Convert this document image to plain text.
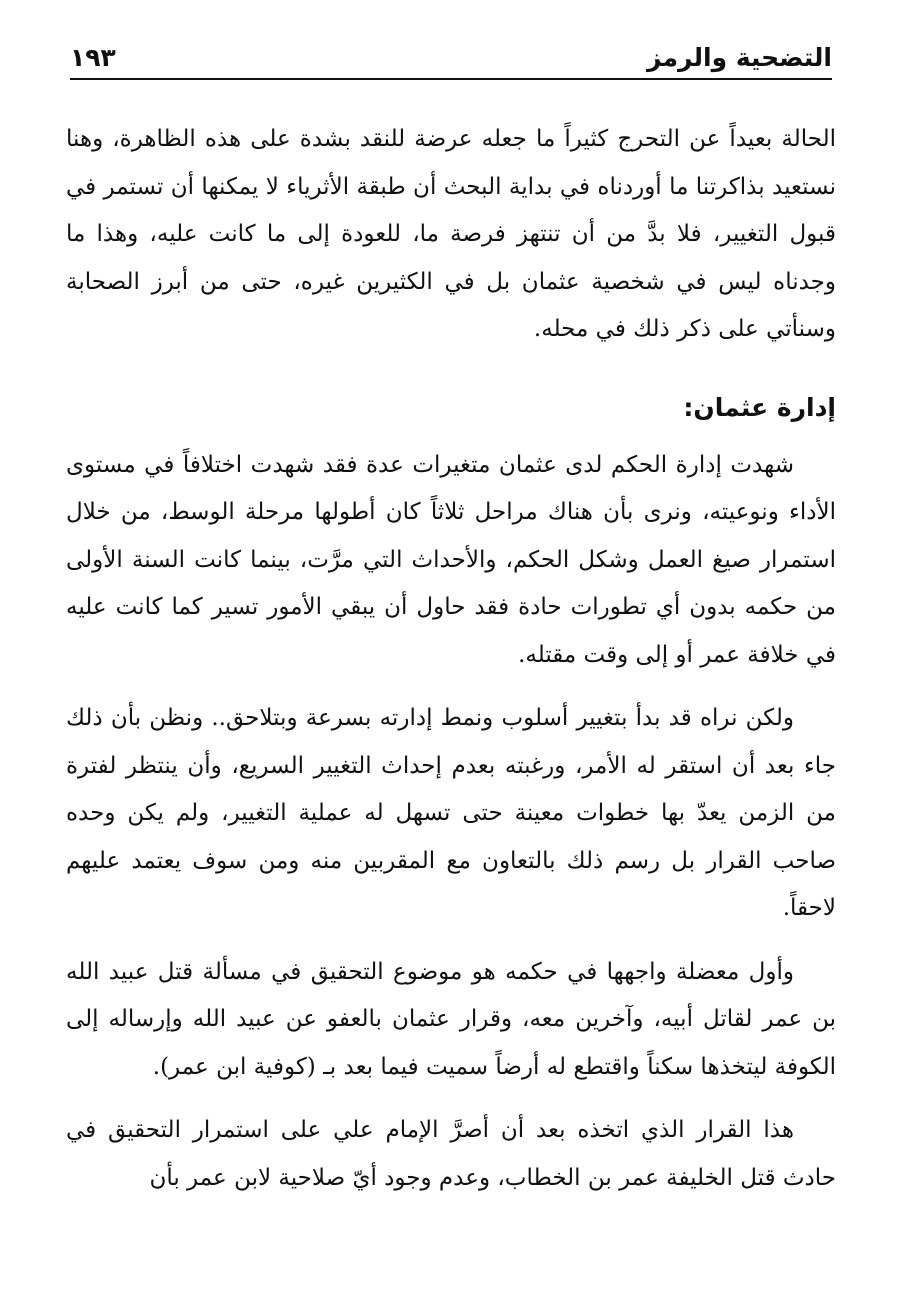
التضحية والرمز
١٩٣

الحالة بعيداً عن التحرج كثيراً ما جعله عرضة للنقد بشدة على هذه الظاهرة، وهنا نستعيد بذاكرتنا ما أوردناه في بداية البحث أن طبقة الأثرياء لا يمكنها أن تستمر في قبول التغيير، فلا بدَّ من أن تنتهز فرصة ما، للعودة إلى ما كانت عليه، وهذا ما وجدناه ليس في شخصية عثمان بل في الكثيرين غيره، حتى من أبرز الصحابة وسنأتي على ذكر ذلك في محله.

إدارة عثمان:

شهدت إدارة الحكم لدى عثمان متغيرات عدة فقد شهدت اختلافاً في مستوى الأداء ونوعيته، ونرى بأن هناك مراحل ثلاثاً كان أطولها مرحلة الوسط، من خلال استمرار صيغ العمل وشكل الحكم، والأحداث التي مرَّت، بينما كانت السنة الأولى من حكمه بدون أي تطورات حادة فقد حاول أن يبقي الأمور تسير كما كانت عليه في خلافة عمر أو إلى وقت مقتله.

ولكن نراه قد بدأ بتغيير أسلوب ونمط إدارته بسرعة وبتلاحق.. ونظن بأن ذلك جاء بعد أن استقر له الأمر، ورغبته بعدم إحداث التغيير السريع، وأن ينتظر لفترة من الزمن يعدّ بها خطوات معينة حتى تسهل له عملية التغيير، ولم يكن وحده صاحب القرار بل رسم ذلك بالتعاون مع المقربين منه ومن سوف يعتمد عليهم لاحقاً.

وأول معضلة واجهها في حكمه هو موضوع التحقيق في مسألة قتل عبيد الله بن عمر لقاتل أبيه، وآخرين معه، وقرار عثمان بالعفو عن عبيد الله وإرساله إلى الكوفة ليتخذها سكناً واقتطع له أرضاً سميت فيما بعد بـ (كوفية ابن عمر).

هذا القرار الذي اتخذه بعد أن أصرَّ الإمام علي على استمرار التحقيق في حادث قتل الخليفة عمر بن الخطاب، وعدم وجود أيّ صلاحية لابن عمر بأن
